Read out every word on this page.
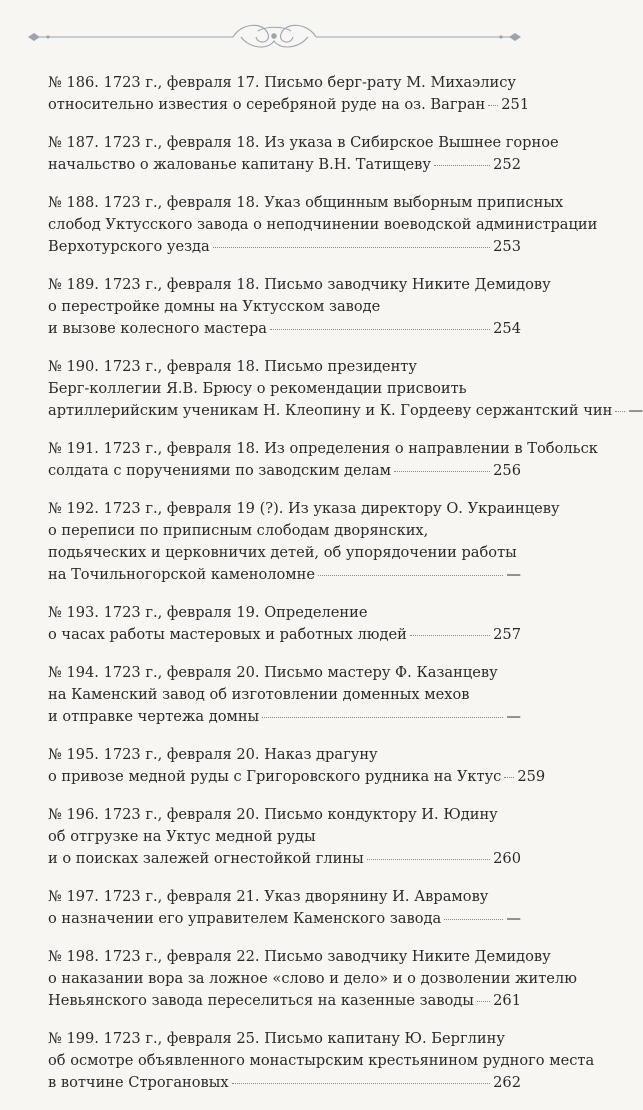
№ 186. 1723 г., февраля 17. Письмо берг-рату М. Михаэлису
относительно известия о серебряной руде на оз. Вагран 251
№ 187. 1723 г., февраля 18. Из указа в Сибирское Вышнее горное
начальство о жалованье капитану В.Н. Татищеву	252
№ 188. 1723 г., февраля 18. Указ общинным выборным приписных
слобод Уктусского завода о неподчинении воеводской администрации
Верхотурского уезда	253
№ 189. 1723 г., февраля 18. Письмо заводчику Никите Демидову
о перестройке домны на Уктусском заводе
и вызове колесного мастера	254
№ 190. 1723 г., февраля 18. Письмо президенту
Берг-коллегии Я.В. Брюсу о рекомендации присвоить
артиллерийским ученикам Н. Клеопину и К. Гордееву сержантский чин —
№ 191. 1723 г., февраля 18. Из определения о направлении в Тобольск
солдата с поручениями по заводским делам	256
№ 192. 1723 г., февраля 19 (?). Из указа директору О. Украинцеву
о переписи по приписным слободам дворянских,
подьяческих и церковничих детей, об упорядочении работы
на Точильногорской каменоломне	—
№ 193. 1723 г., февраля 19. Определение
о часах работы мастеровых и работных людей	257
№ 194. 1723 г., февраля 20. Письмо мастеру Ф. Казанцеву
на Каменский завод об изготовлении доменных мехов
и отправке чертежа домны	—
№ 195. 1723 г., февраля 20. Наказ драгуну
о привозе медной руды с Григоровского рудника на Уктус 259
№ 196. 1723 г., февраля 20. Письмо кондуктору И. Юдину
об отгрузке на Уктус медной руды
и о поисках залежей огнестойкой глины	260
№ 197. 1723 г., февраля 21. Указ дворянину И. Аврамову
о назначении его управителем Каменского завода	—
№ 198. 1723 г., февраля 22. Письмо заводчику Никите Демидову
о наказании вора за ложное «слово и дело» и о дозволении жителю
Невьянского завода переселиться на казенные заводы 261
№ 199. 1723 г., февраля 25. Письмо капитану Ю. Берглину
об осмотре объявленного монастырским крестьянином рудного места
в вотчине Строгановых	262
